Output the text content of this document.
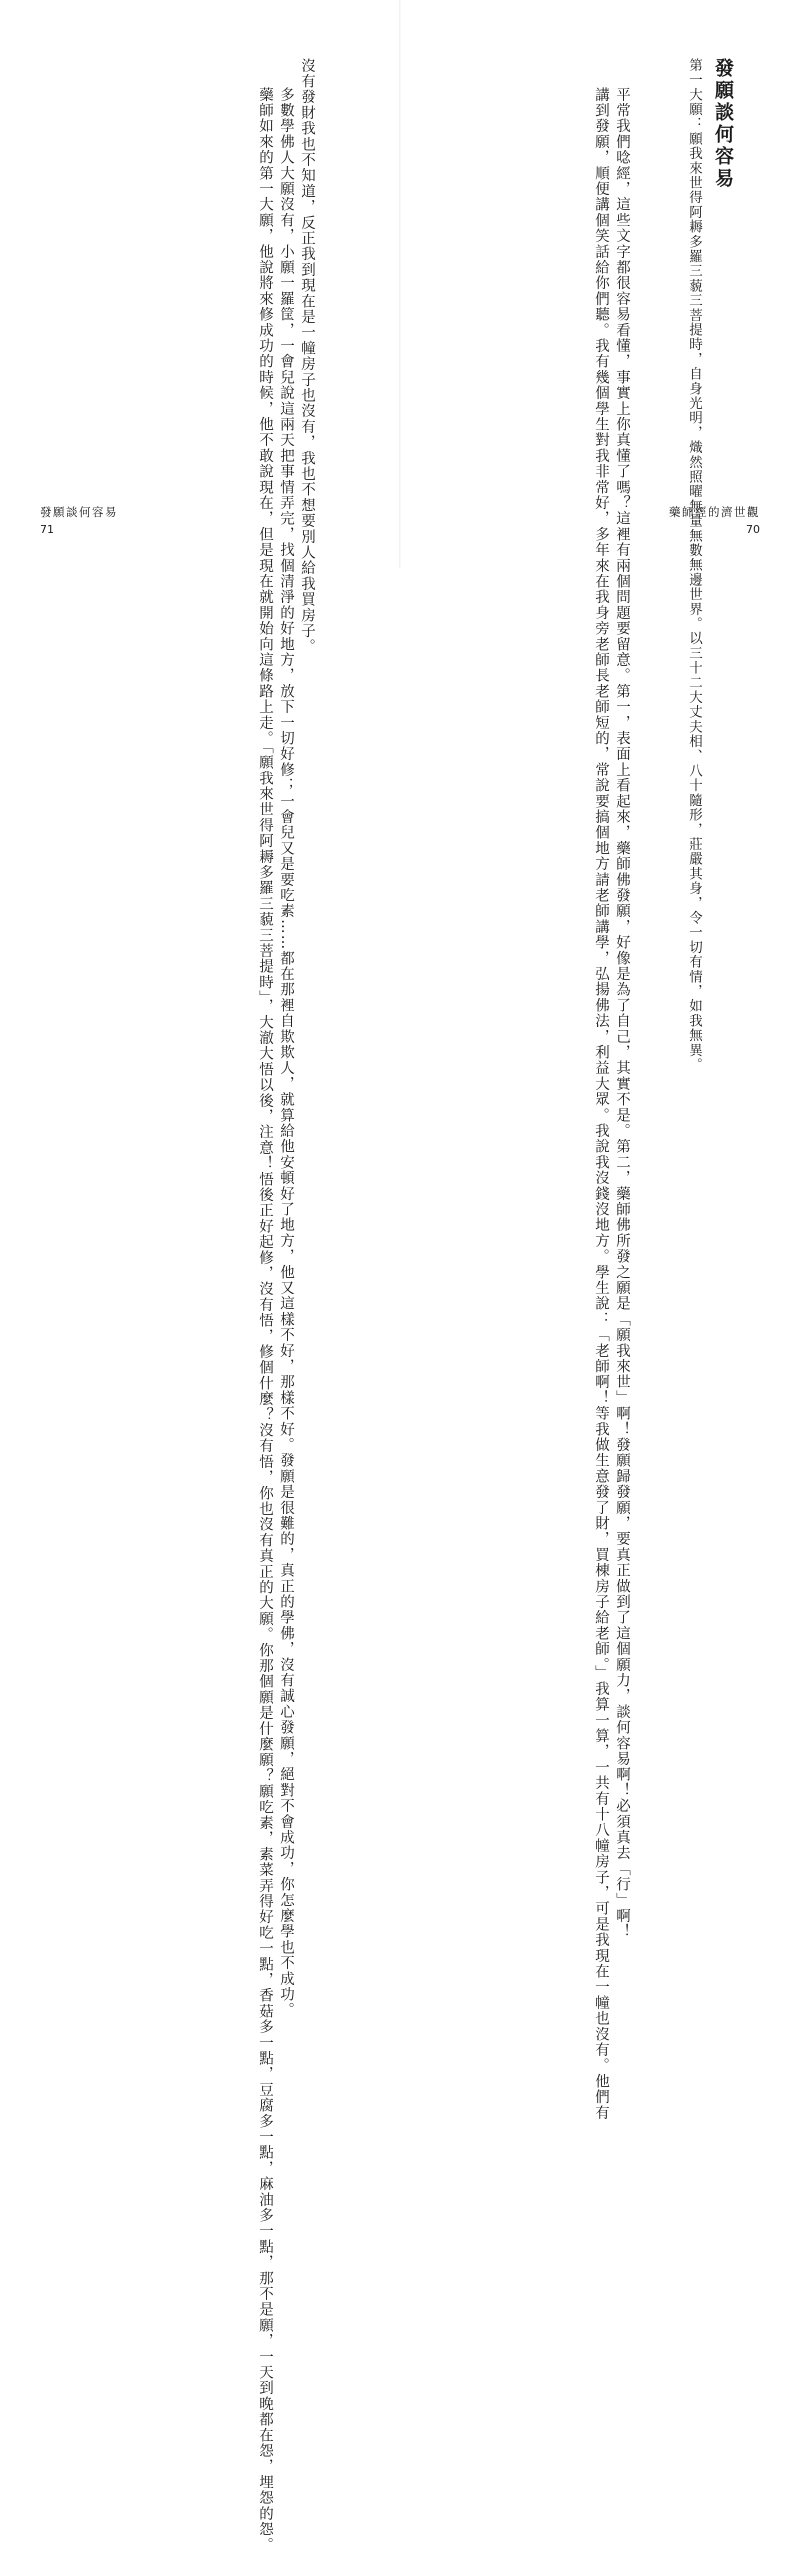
沒有發財我也不知道，反正我到現在是一幢房子也沒有，我也不想要別人給我買房子。

多數學佛人大願沒有，小願一羅筐，一會兒說這兩天把事情弄完，找個清淨的好地方，放下一切好修；一會兒又是要吃素……都在那裡自欺欺人，就算給他安頓好了地方，他又這樣不好，那樣不好。發願是很難的，真正的學佛，沒有誠心發願，絕對不會成功，你怎麼學也不成功。

藥師如來的第一大願，他說將來修成功的時候，他不敢說現在，但是現在就開始向這條路上走。「願我來世得阿耨多羅三藐三菩提時」，大澈大悟以後，注意！悟後正好起修，沒有悟，修個什麼？沒有悟，你也沒有真正的大願。你那個願是什麼願？願吃素，素菜弄得好吃一點，香菇多一點，豆腐多一點，麻油多一點，那不是願，一天到晚都在怨，埋怨的怨。

發願談何容易
71
發願談何容易

第一大願：願我來世得阿耨多羅三藐三菩提時，自身光明，熾然照曜無量無數無邊世界。以三十二大丈夫相、八十隨形，莊嚴其身，令一切有情，如我無異。

平常我們唸經，這些文字都很容易看懂，事實上你真懂了嗎？這裡有兩個問題要留意。第一，表面上看起來，藥師佛發願，好像是為了自己，其實不是。第二，藥師佛所發之願是「願我來世」啊！發願歸發願，要真正做到了這個願力，談何容易啊！必須真去「行」啊！

講到發願，順便講個笑話給你們聽。我有幾個學生對我非常好，多年來在我身旁老師長老師短的，常說要搞個地方請老師講學，弘揚佛法，利益大眾。我說我沒錢沒地方。學生說：「老師啊！等我做生意發了財，買棟房子給老師。」我算一算，一共有十八幢房子，可是我現在一幢也沒有。他們有	藥師經的濟世觀
70
